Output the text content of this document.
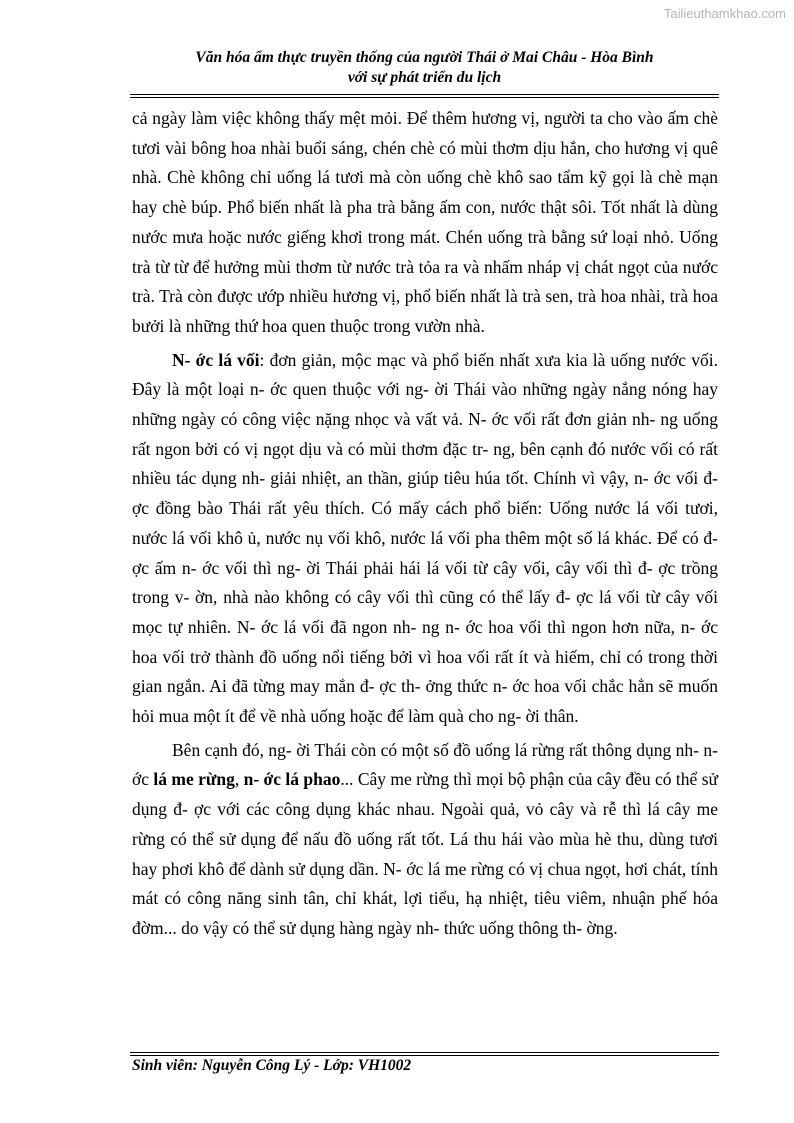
Tailieuthamkhao.com
Văn hóa ẩm thực truyền thống của người Thái ở Mai Châu - Hòa Bình
với sự phát triển du lịch

cả ngày làm việc không thấy mệt mỏi. Để thêm hương vị, người ta cho vào ấm chè tươi vài bông hoa nhài buổi sáng, chén chè có mùi thơm dịu hắn, cho hương vị quê nhà. Chè không chỉ uống lá tươi mà còn uống chè khô sao tẩm kỹ gọi là chè mạn hay chè búp. Phổ biến nhất là pha trà bằng ấm con, nước thật sôi. Tốt nhất là dùng nước mưa hoặc nước giếng khơi trong mát. Chén uống trà bằng sứ loại nhỏ. Uống trà từ từ để hưởng mùi thơm từ nước trà tỏa ra và nhấm nháp vị chát ngọt của nước trà. Trà còn được ướp nhiều hương vị, phổ biến nhất là trà sen, trà hoa nhài, trà hoa bưởi là những thứ hoa quen thuộc trong vườn nhà.

N- ớc lá vối: đơn giản, mộc mạc và phổ biến nhất xưa kia là uống nước vối. Đây là một loại n- ớc quen thuộc với ng- ời Thái vào những ngày nắng nóng hay những ngày có công việc nặng nhọc và vất vả. N- ớc vối rất đơn giản nh- ng uống rất ngon bởi có vị ngọt dịu và có mùi thơm đặc tr- ng, bên cạnh đó nước vối có rất nhiều tác dụng nh- giải nhiệt, an thần, giúp tiêu húa tốt. Chính vì vậy, n- ớc vối đ- ợc đồng bào Thái rất yêu thích. Có mấy cách phổ biến: Uống nước lá vối tươi, nước lá vối khô ủ, nước nụ vối khô, nước lá vối pha thêm một số lá khác. Để có đ- ợc ấm n- ớc vối thì ng- ời Thái phải hái lá vối từ cây vối, cây vối thì đ- ợc trồng trong v- ờn, nhà nào không có cây vối thì cũng có thể lấy đ- ợc lá vối từ cây vối mọc tự nhiên. N- ớc lá vối đã ngon nh- ng n- ớc hoa vối thì ngon hơn nữa, n- ớc hoa vối trở thành đồ uống nổi tiếng bởi vì hoa vối rất ít và hiếm, chỉ có trong thời gian ngắn. Ai đã từng may mắn đ- ợc th- ởng thức n- ớc hoa vối chắc hẳn sẽ muốn hỏi mua một ít để về nhà uống hoặc để làm quà cho ng- ời thân.

Bên cạnh đó, ng- ời Thái còn có một số đồ uống lá rừng rất thông dụng nh- n- ớc lá me rừng, n- ớc lá phao... Cây me rừng thì mọi bộ phận của cây đều có thể sử dụng đ- ợc với các công dụng khác nhau. Ngoài quả, vỏ cây và rễ thì lá cây me rừng có thể sử dụng để nấu đồ uống rất tốt. Lá thu hái vào mùa hè thu, dùng tươi hay phơi khô để dành sử dụng dần. N- ớc lá me rừng có vị chua ngọt, hơi chát, tính mát có công năng sinh tân, chỉ khát, lợi tiểu, hạ nhiệt, tiêu viêm, nhuận phế hóa đờm... do vậy có thể sử dụng hàng ngày nh- thức uống thông th- ờng.

Sinh viên: Nguyễn Công Lý - Lớp: VH1002
